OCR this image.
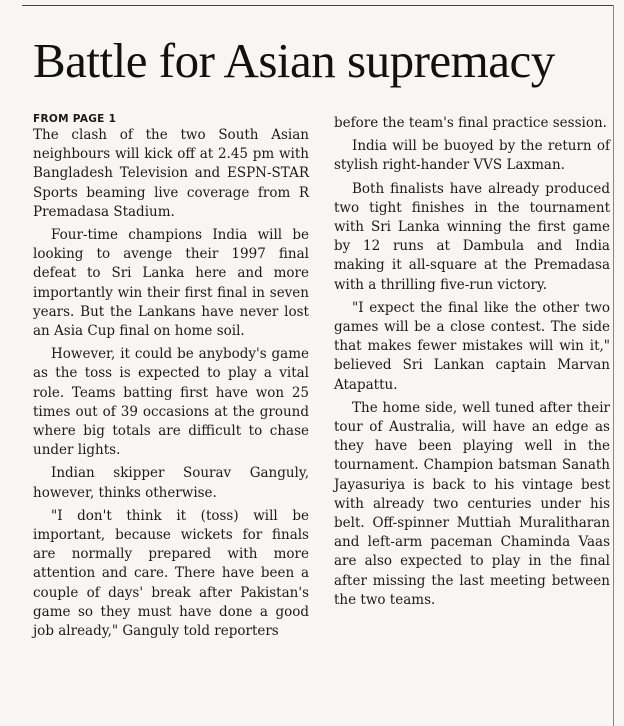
Battle for Asian supremacy
FROM PAGE 1

The clash of the two South Asian neighbours will kick off at 2.45 pm with Bangladesh Television and ESPN-STAR Sports beaming live coverage from R Premadasa Stadium.

Four-time champions India will be looking to avenge their 1997 final defeat to Sri Lanka here and more importantly win their first final in seven years. But the Lankans have never lost an Asia Cup final on home soil.

However, it could be anybody's game as the toss is expected to play a vital role. Teams batting first have won 25 times out of 39 occasions at the ground where big totals are difficult to chase under lights.

Indian skipper Sourav Ganguly, however, thinks otherwise.

"I don't think it (toss) will be important, because wickets for finals are normally prepared with more attention and care. There have been a couple of days' break after Pakistan's game so they must have done a good job already," Ganguly told reporters

before the team's final practice session.

India will be buoyed by the return of stylish right-hander VVS Laxman.

Both finalists have already produced two tight finishes in the tournament with Sri Lanka winning the first game by 12 runs at Dambula and India making it all-square at the Premadasa with a thrilling five-run victory.

"I expect the final like the other two games will be a close contest. The side that makes fewer mistakes will win it," believed Sri Lankan captain Marvan Atapattu.

The home side, well tuned after their tour of Australia, will have an edge as they have been playing well in the tournament. Champion batsman Sanath Jayasuriya is back to his vintage best with already two centuries under his belt. Off-spinner Muttiah Muralitharan and left-arm paceman Chaminda Vaas are also expected to play in the final after missing the last meeting between the two teams.
